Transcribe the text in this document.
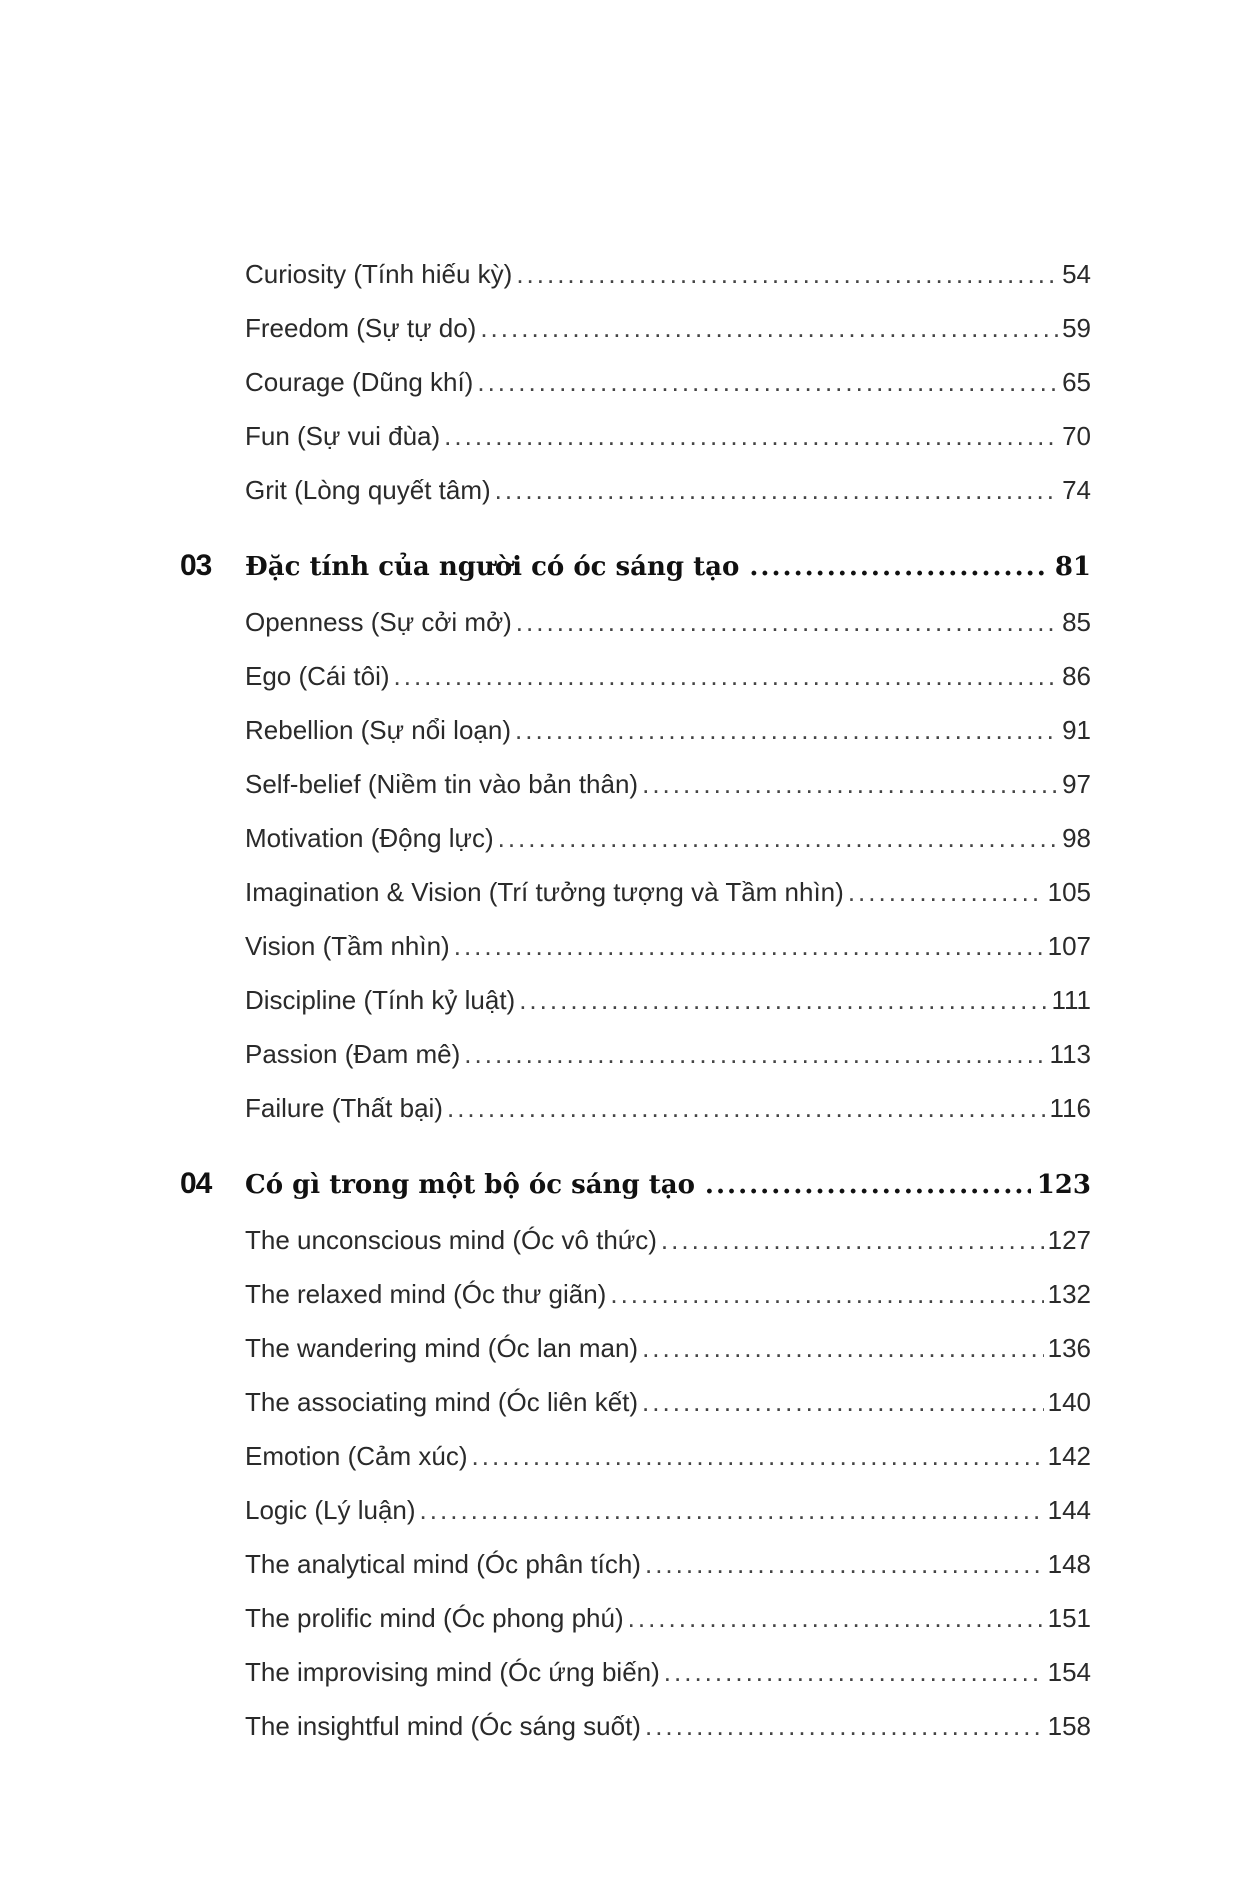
Curiosity (Tính hiếu kỳ) .....	54
Freedom (Sự tự do) .....	59
Courage (Dũng khí) .....	65
Fun (Sự vui đùa) .....	70
Grit (Lòng quyết tâm) .....	74
03	Đặc tính của người có óc sáng tạo .....	81
Openness (Sự cởi mở) .....	85
Ego (Cái tôi) .....	86
Rebellion (Sự nổi loạn) .....	91
Self-belief (Niềm tin vào bản thân) .....	97
Motivation (Động lực) .....	98
Imagination & Vision (Trí tưởng tượng và Tầm nhìn) .....	105
Vision (Tầm nhìn) .....	107
Discipline (Tính kỷ luật) .....	111
Passion (Đam mê) .....	113
Failure (Thất bại) .....	116
04	Có gì trong một bộ óc sáng tạo .....	123
The unconscious mind (Óc vô thức) .....	127
The relaxed mind (Óc thư giãn) .....	132
The wandering mind (Óc lan man) .....	136
The associating mind (Óc liên kết) .....	140
Emotion (Cảm xúc) .....	142
Logic (Lý luận) .....	144
The analytical mind (Óc phân tích) .....	148
The prolific mind (Óc phong phú) .....	151
The improvising mind (Óc ứng biến) .....	154
The insightful mind (Óc sáng suốt) .....	158
